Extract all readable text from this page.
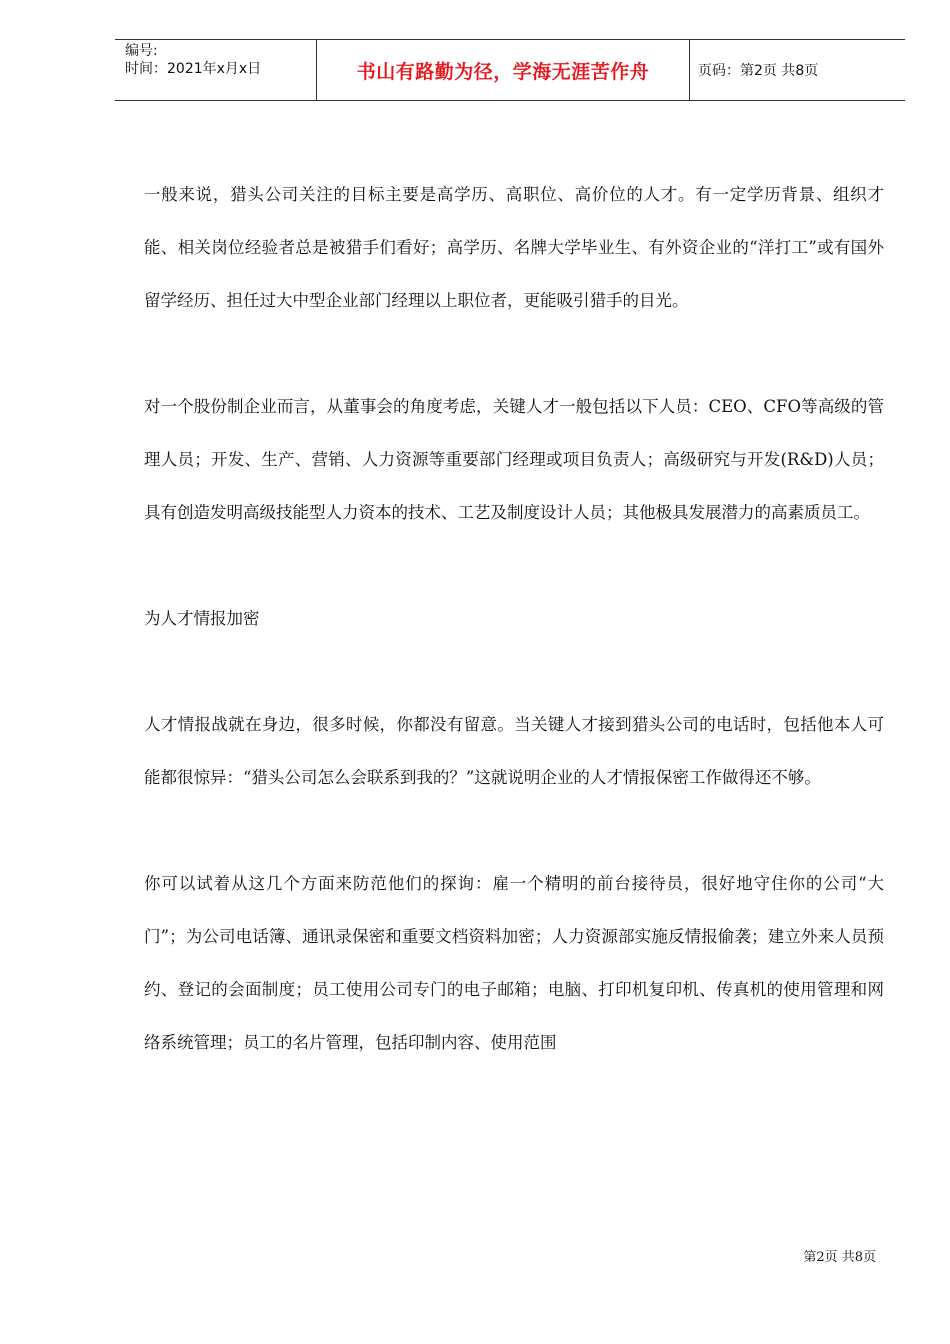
编号:
时间：2021年x月x日	书山有路勤为径，学海无涯苦作舟	页码：第2页 共8页

一般来说，猎头公司关注的目标主要是高学历、高职位、高价位的人才。有一定学历背景、组织才能、相关岗位经验者总是被猎手们看好；高学历、名牌大学毕业生、有外资企业的“洋打工”或有国外留学经历、担任过大中型企业部门经理以上职位者，更能吸引猎手的目光。

对一个股份制企业而言，从董事会的角度考虑，关键人才一般包括以下人员：CEO、CFO等高级的管理人员；开发、生产、营销、人力资源等重要部门经理或项目负责人；高级研究与开发(R&D)人员；具有创造发明高级技能型人力资本的技术、工艺及制度设计人员；其他极具发展潜力的高素质员工。

为人才情报加密

人才情报战就在身边，很多时候，你都没有留意。当关键人才接到猎头公司的电话时，包括他本人可能都很惊异：“猎头公司怎么会联系到我的？”这就说明企业的人才情报保密工作做得还不够。

你可以试着从这几个方面来防范他们的探询：雇一个精明的前台接待员，很好地守住你的公司“大门”；为公司电话簿、通讯录保密和重要文档资料加密；人力资源部实施反情报偷袭；建立外来人员预约、登记的会面制度；员工使用公司专门的电子邮箱；电脑、打印机复印机、传真机的使用管理和网络系统管理；员工的名片管理，包括印制内容、使用范围

第2页 共8页
